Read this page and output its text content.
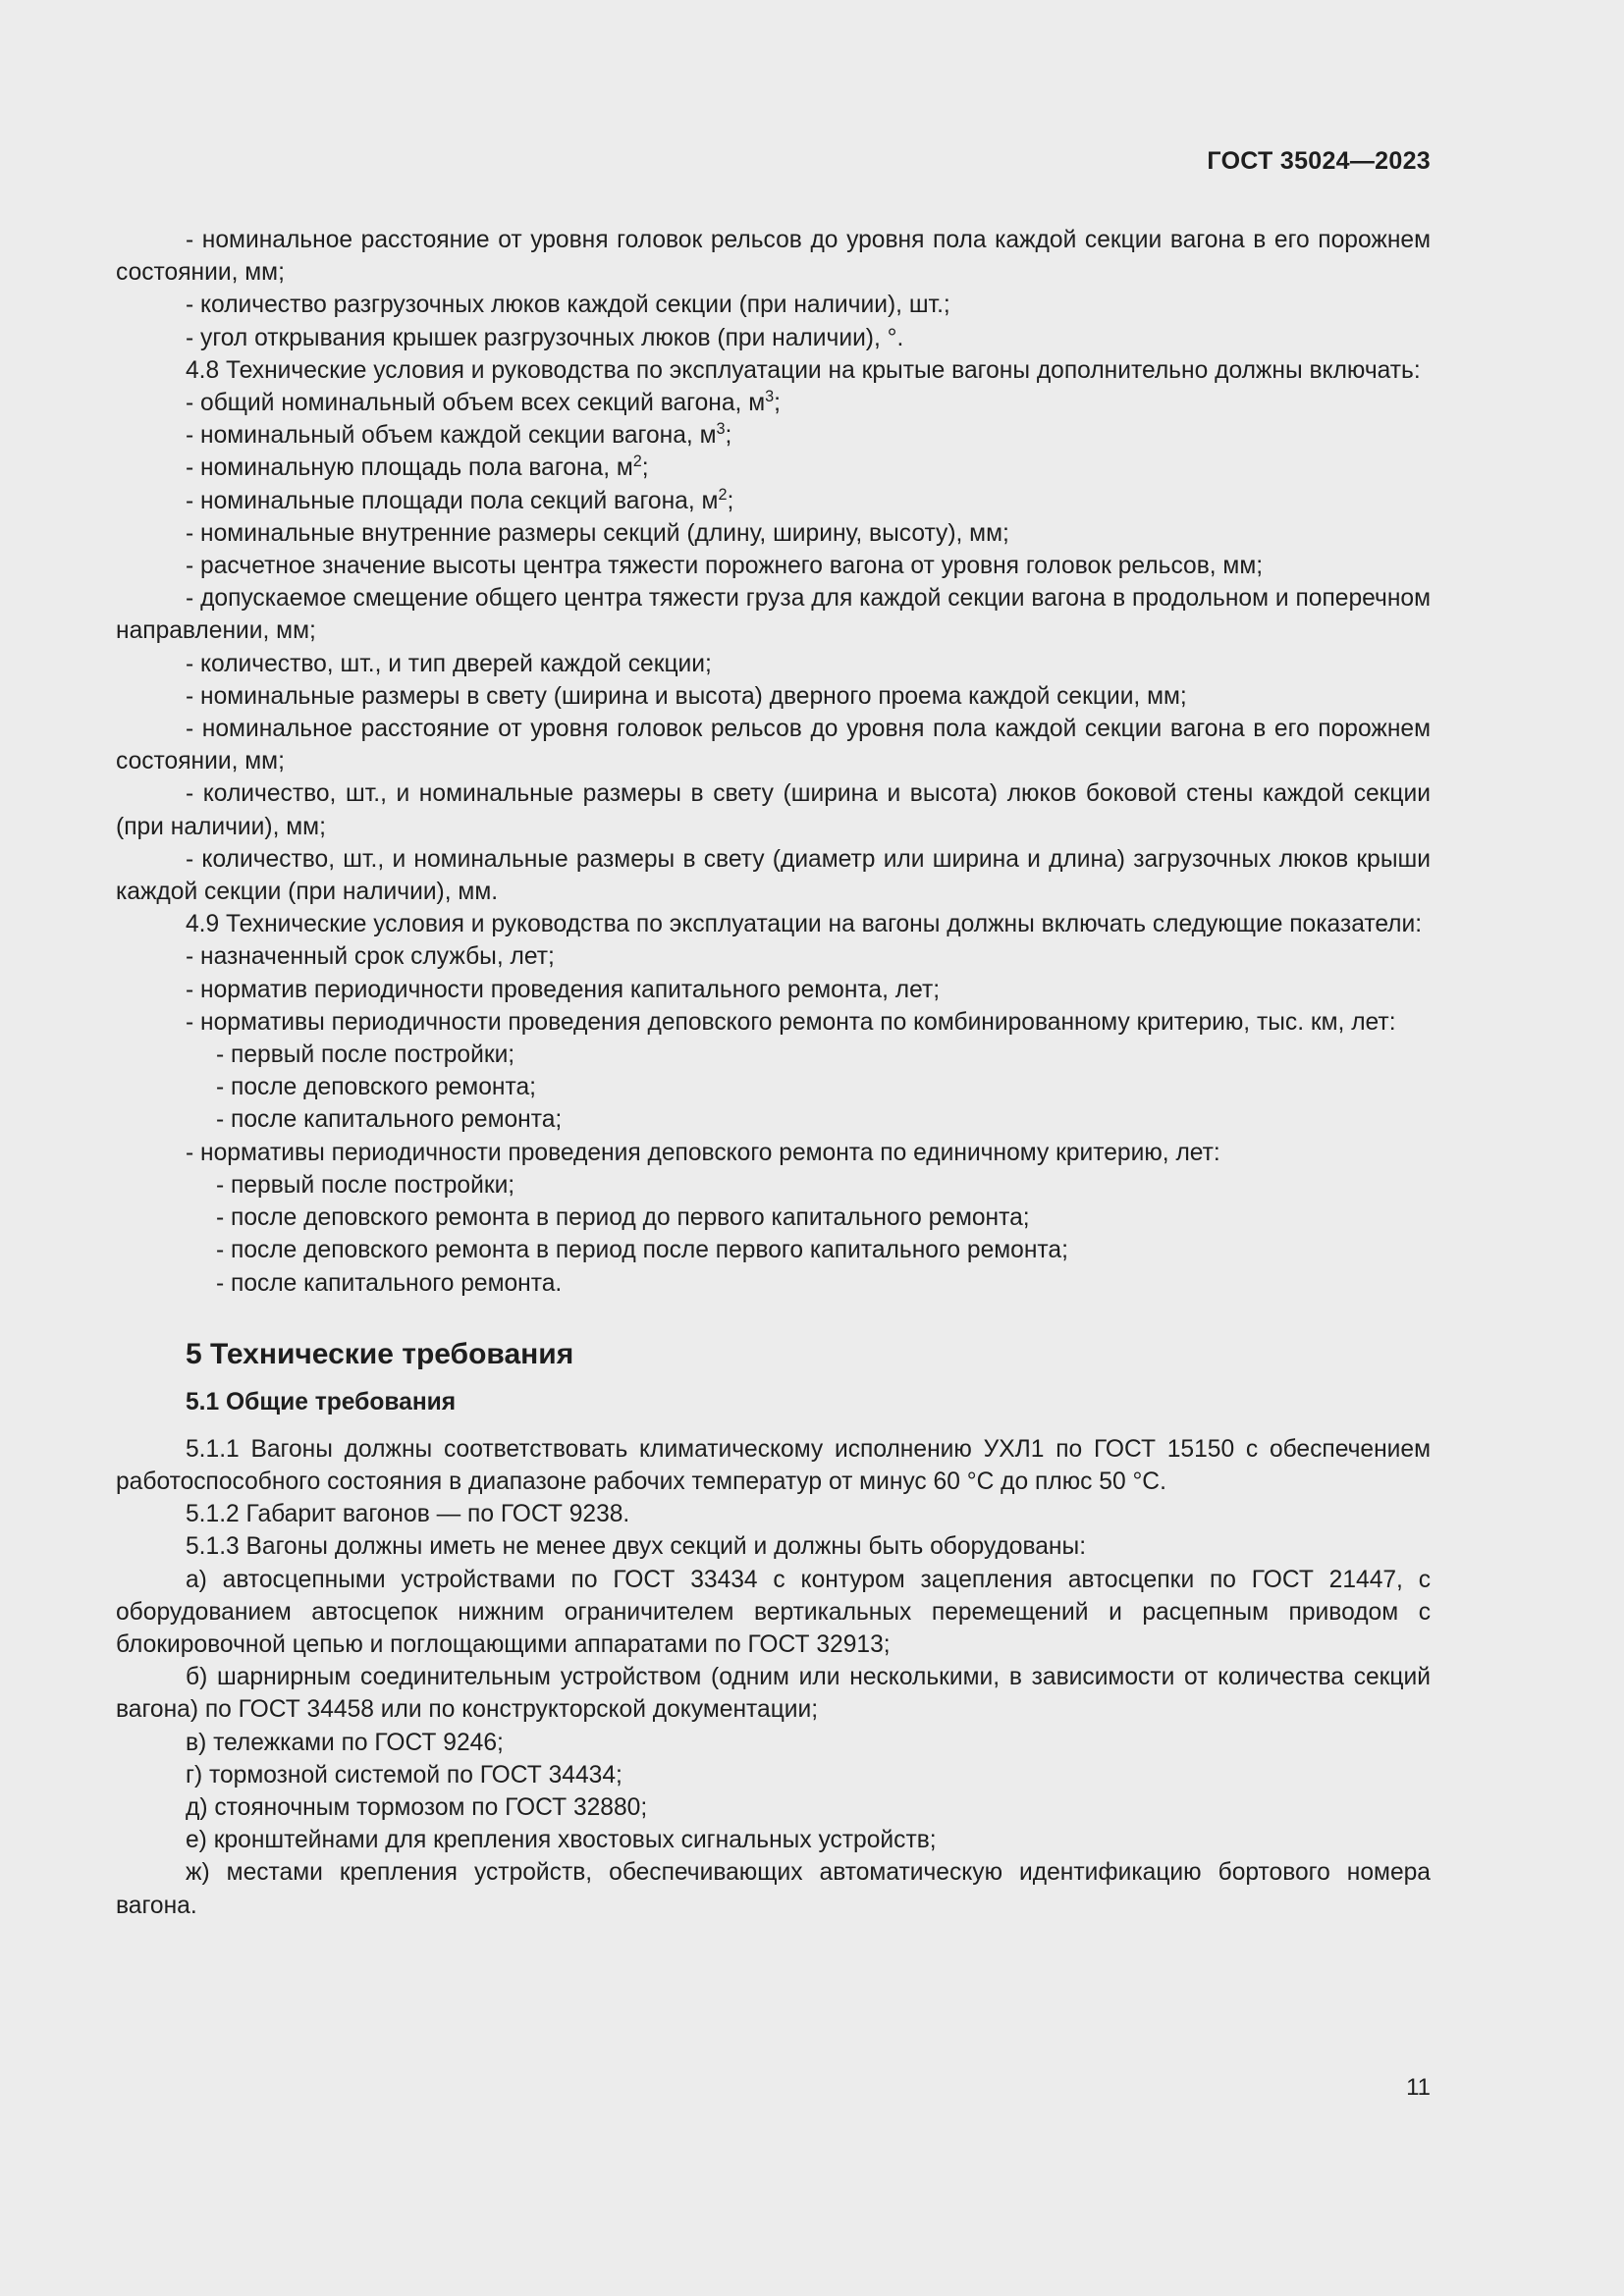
ГОСТ 35024—2023

- номинальное расстояние от уровня головок рельсов до уровня пола каждой секции вагона в его порожнем состоянии, мм;

- количество разгрузочных люков каждой секции (при наличии), шт.;

- угол открывания крышек разгрузочных люков (при наличии), °.

4.8 Технические условия и руководства по эксплуатации на крытые вагоны дополнительно должны включать:

- общий номинальный объем всех секций вагона, $м^3$;

- номинальный объем каждой секции вагона, $м^3$;

- номинальную площадь пола вагона, $м^2$;

- номинальные площади пола секций вагона, $м^2$;

- номинальные внутренние размеры секций (длину, ширину, высоту), мм;

- расчетное значение высоты центра тяжести порожнего вагона от уровня головок рельсов, мм;

- допускаемое смещение общего центра тяжести груза для каждой секции вагона в продольном и поперечном направлении, мм;

- количество, шт., и тип дверей каждой секции;

- номинальные размеры в свету (ширина и высота) дверного проема каждой секции, мм;

- номинальное расстояние от уровня головок рельсов до уровня пола каждой секции вагона в его порожнем состоянии, мм;

- количество, шт., и номинальные размеры в свету (ширина и высота) люков боковой стены каждой секции (при наличии), мм;

- количество, шт., и номинальные размеры в свету (диаметр или ширина и длина) загрузочных люков крыши каждой секции (при наличии), мм.

4.9 Технические условия и руководства по эксплуатации на вагоны должны включать следующие показатели:

- назначенный срок службы, лет;

- норматив периодичности проведения капитального ремонта, лет;

- нормативы периодичности проведения деповского ремонта по комбинированному критерию, тыс. км, лет:

- первый после постройки;

- после деповского ремонта;

- после капитального ремонта;

- нормативы периодичности проведения деповского ремонта по единичному критерию, лет:

- первый после постройки;

- после деповского ремонта в период до первого капитального ремонта;

- после деповского ремонта в период после первого капитального ремонта;

- после капитального ремонта.

5 Технические требования
5.1 Общие требования

5.1.1 Вагоны должны соответствовать климатическому исполнению УХЛ1 по ГОСТ 15150 с обеспечением работоспособного состояния в диапазоне рабочих температур от минус 60 °С до плюс 50 °С.

5.1.2 Габарит вагонов — по ГОСТ 9238.

5.1.3 Вагоны должны иметь не менее двух секций и должны быть оборудованы:

а) автосцепными устройствами по ГОСТ 33434 с контуром зацепления автосцепки по ГОСТ 21447, с оборудованием автосцепок нижним ограничителем вертикальных перемещений и расцепным приводом с блокировочной цепью и поглощающими аппаратами по ГОСТ 32913;

б) шарнирным соединительным устройством (одним или несколькими, в зависимости от количества секций вагона) по ГОСТ 34458 или по конструкторской документации;

в) тележками по ГОСТ 9246;

г) тормозной системой по ГОСТ 34434;

д) стояночным тормозом по ГОСТ 32880;

е) кронштейнами для крепления хвостовых сигнальных устройств;

ж) местами крепления устройств, обеспечивающих автоматическую идентификацию бортового номера вагона.

11
